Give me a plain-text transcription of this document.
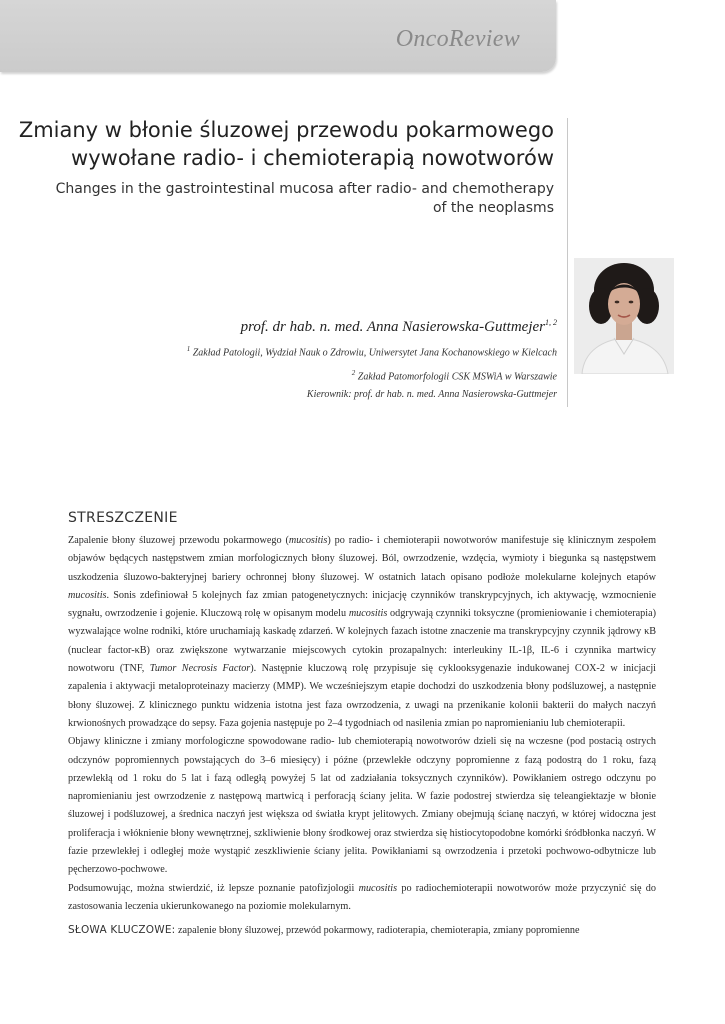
OncoReview
Zmiany w błonie śluzowej przewodu pokarmowego
wywołane radio- i chemioterapią nowotworów
Changes in the gastrointestinal mucosa after radio- and chemotherapy
of the neoplasms
prof. dr hab. n. med. Anna Nasierowska-Guttmejer$^{1, 2}$
$^1$ Zakład Patologii, Wydział Nauk o Zdrowiu, Uniwersytet Jana Kochanowskiego w Kielcach
$^2$ Zakład Patomorfologii CSK MSWiA w Warszawie
Kierownik: prof. dr hab. n. med. Anna Nasierowska-Guttmejer
STRESZCZENIE

Zapalenie błony śluzowej przewodu pokarmowego (mucositis) po radio- i chemioterapii nowotworów manifestuje się klinicznym zespołem objawów będących następstwem zmian morfologicznych błony śluzowej. Ból, owrzodzenie, wzdęcia, wymioty i biegunka są następstwem uszkodzenia śluzowo-bakteryjnej bariery ochronnej błony śluzowej. W ostatnich latach opisano podłoże molekularne kolejnych etapów mucositis. Sonis zdefiniował 5 kolejnych faz zmian patogenetycznych: inicjację czynników transkrypcyjnych, ich aktywację, wzmocnienie sygnału, owrzodzenie i gojenie. Kluczową rolę w opisanym modelu mucositis odgrywają czynniki toksyczne (promieniowanie i chemioterapia) wyzwalające wolne rodniki, które uruchamiają kaskadę zdarzeń. W kolejnych fazach istotne znaczenie ma transkrypcyjny czynnik jądrowy κB (nuclear factor-κB) oraz zwiększone wytwarzanie miejscowych cytokin prozapalnych: interleukiny IL-1β, IL-6 i czynnika martwicy nowotworu (TNF, Tumor Necrosis Factor). Następnie kluczową rolę przypisuje się cyklooksygenazie indukowanej COX-2 w inicjacji zapalenia i aktywacji metaloproteinazy macierzy (MMP). We wcześniejszym etapie dochodzi do uszkodzenia błony podśluzowej, a następnie błony śluzowej. Z klinicznego punktu widzenia istotna jest faza owrzodzenia, z uwagi na przenikanie kolonii bakterii do małych naczyń krwionośnych prowadzące do sepsy. Faza gojenia następuje po 2–4 tygodniach od nasilenia zmian po napromienianiu lub chemioterapii.

Objawy kliniczne i zmiany morfologiczne spowodowane radio- lub chemioterapią nowotworów dzieli się na wczesne (pod postacią ostrych odczynów popromiennych powstających do 3–6 miesięcy) i późne (przewlekłe odczyny popromienne z fazą podostrą do 1 roku, fazą przewlekłą od 1 roku do 5 lat i fazą odległą powyżej 5 lat od zadziałania toksycznych czynników). Powikłaniem ostrego odczynu po napromienianiu jest owrzodzenie z następową martwicą i perforacją ściany jelita. W fazie podostrej stwierdza się teleangiektazje w błonie śluzowej i podśluzowej, a średnica naczyń jest większa od światła krypt jelitowych. Zmiany obejmują ścianę naczyń, w której widoczna jest proliferacja i włóknienie błony wewnętrznej, szkliwienie błony środkowej oraz stwierdza się histiocytopodobne komórki śródbłonka naczyń. W fazie przewlekłej i odległej może wystąpić zeszkliwienie ściany jelita. Powikłaniami są owrzodzenia i przetoki pochwowo-odbytnicze lub pęcherzowo-pochwowe.

Podsumowując, można stwierdzić, iż lepsze poznanie patofizjologii mucositis po radiochemioterapii nowotworów może przyczynić się do zastosowania leczenia ukierunkowanego na poziomie molekularnym.

SŁOWA KLUCZOWE: zapalenie błony śluzowej, przewód pokarmowy, radioterapia, chemioterapia, zmiany popromienne
